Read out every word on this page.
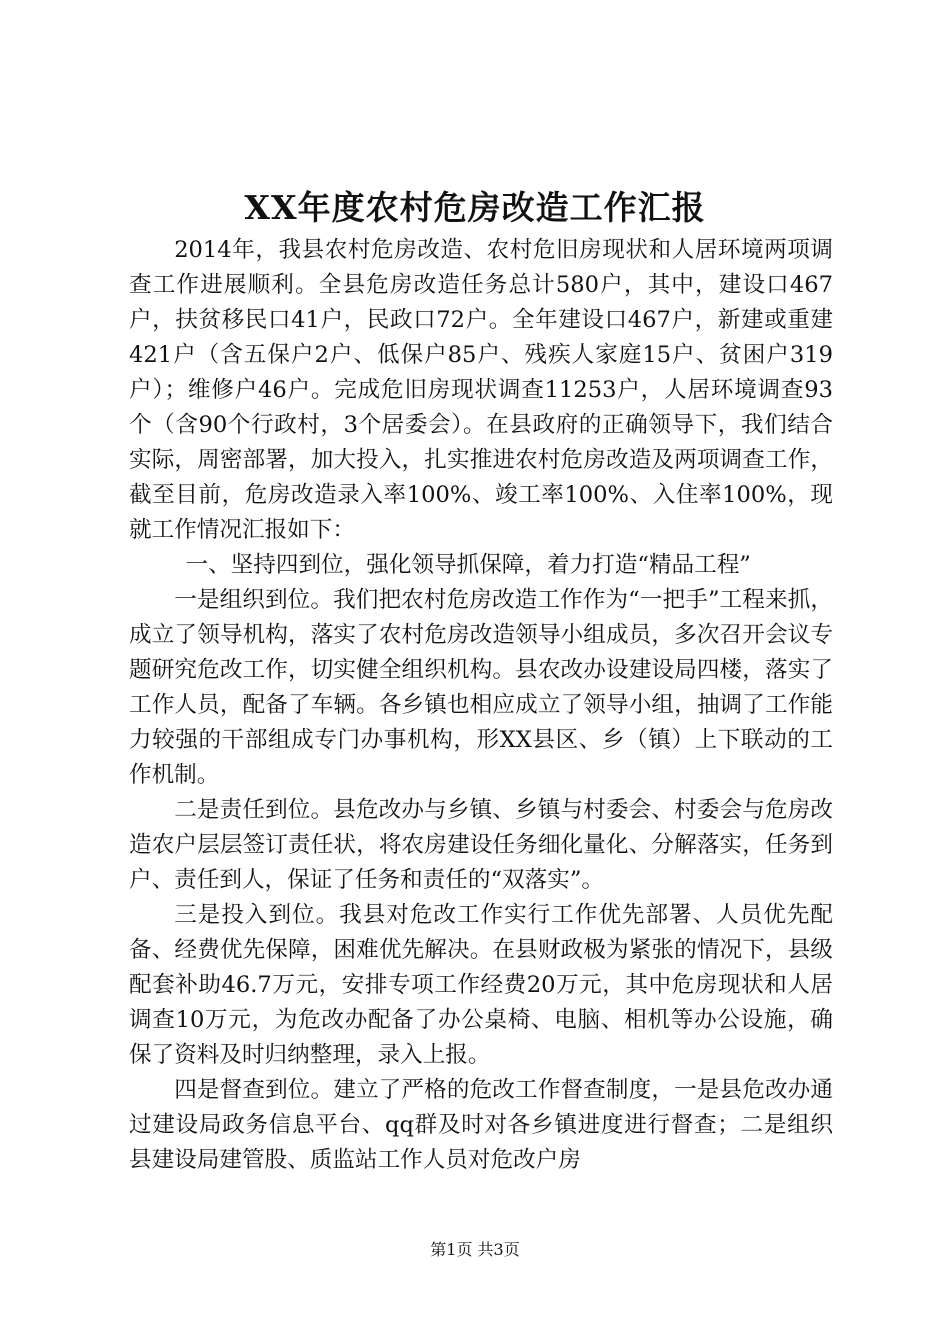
XX年度农村危房改造工作汇报

2014年，我县农村危房改造、农村危旧房现状和人居环境两项调查工作进展顺利。全县危房改造任务总计580户，其中，建设口467户，扶贫移民口41户，民政口72户。全年建设口467户，新建或重建421户（含五保户2户、低保户85户、残疾人家庭15户、贫困户319户）；维修户46户。完成危旧房现状调查11253户，人居环境调查93个（含90个行政村，3个居委会）。在县政府的正确领导下，我们结合实际，周密部署，加大投入，扎实推进农村危房改造及两项调查工作，截至目前，危房改造录入率100%、竣工率100%、入住率100%，现就工作情况汇报如下：

一、坚持四到位，强化领导抓保障，着力打造“精品工程”

一是组织到位。我们把农村危房改造工作作为“一把手”工程来抓，成立了领导机构，落实了农村危房改造领导小组成员，多次召开会议专题研究危改工作，切实健全组织机构。县农改办设建设局四楼，落实了工作人员，配备了车辆。各乡镇也相应成立了领导小组，抽调了工作能力较强的干部组成专门办事机构，形XX县区、乡（镇）上下联动的工作机制。

二是责任到位。县危改办与乡镇、乡镇与村委会、村委会与危房改造农户层层签订责任状，将农房建设任务细化量化、分解落实，任务到户、责任到人，保证了任务和责任的“双落实”。

三是投入到位。我县对危改工作实行工作优先部署、人员优先配备、经费优先保障，困难优先解决。在县财政极为紧张的情况下，县级配套补助46.7万元，安排专项工作经费20万元，其中危房现状和人居调查10万元，为危改办配备了办公桌椅、电脑、相机等办公设施，确保了资料及时归纳整理，录入上报。

四是督查到位。建立了严格的危改工作督查制度，一是县危改办通过建设局政务信息平台、qq群及时对各乡镇进度进行督查；二是组织县建设局建管股、质监站工作人员对危改户房

第1页 共3页
